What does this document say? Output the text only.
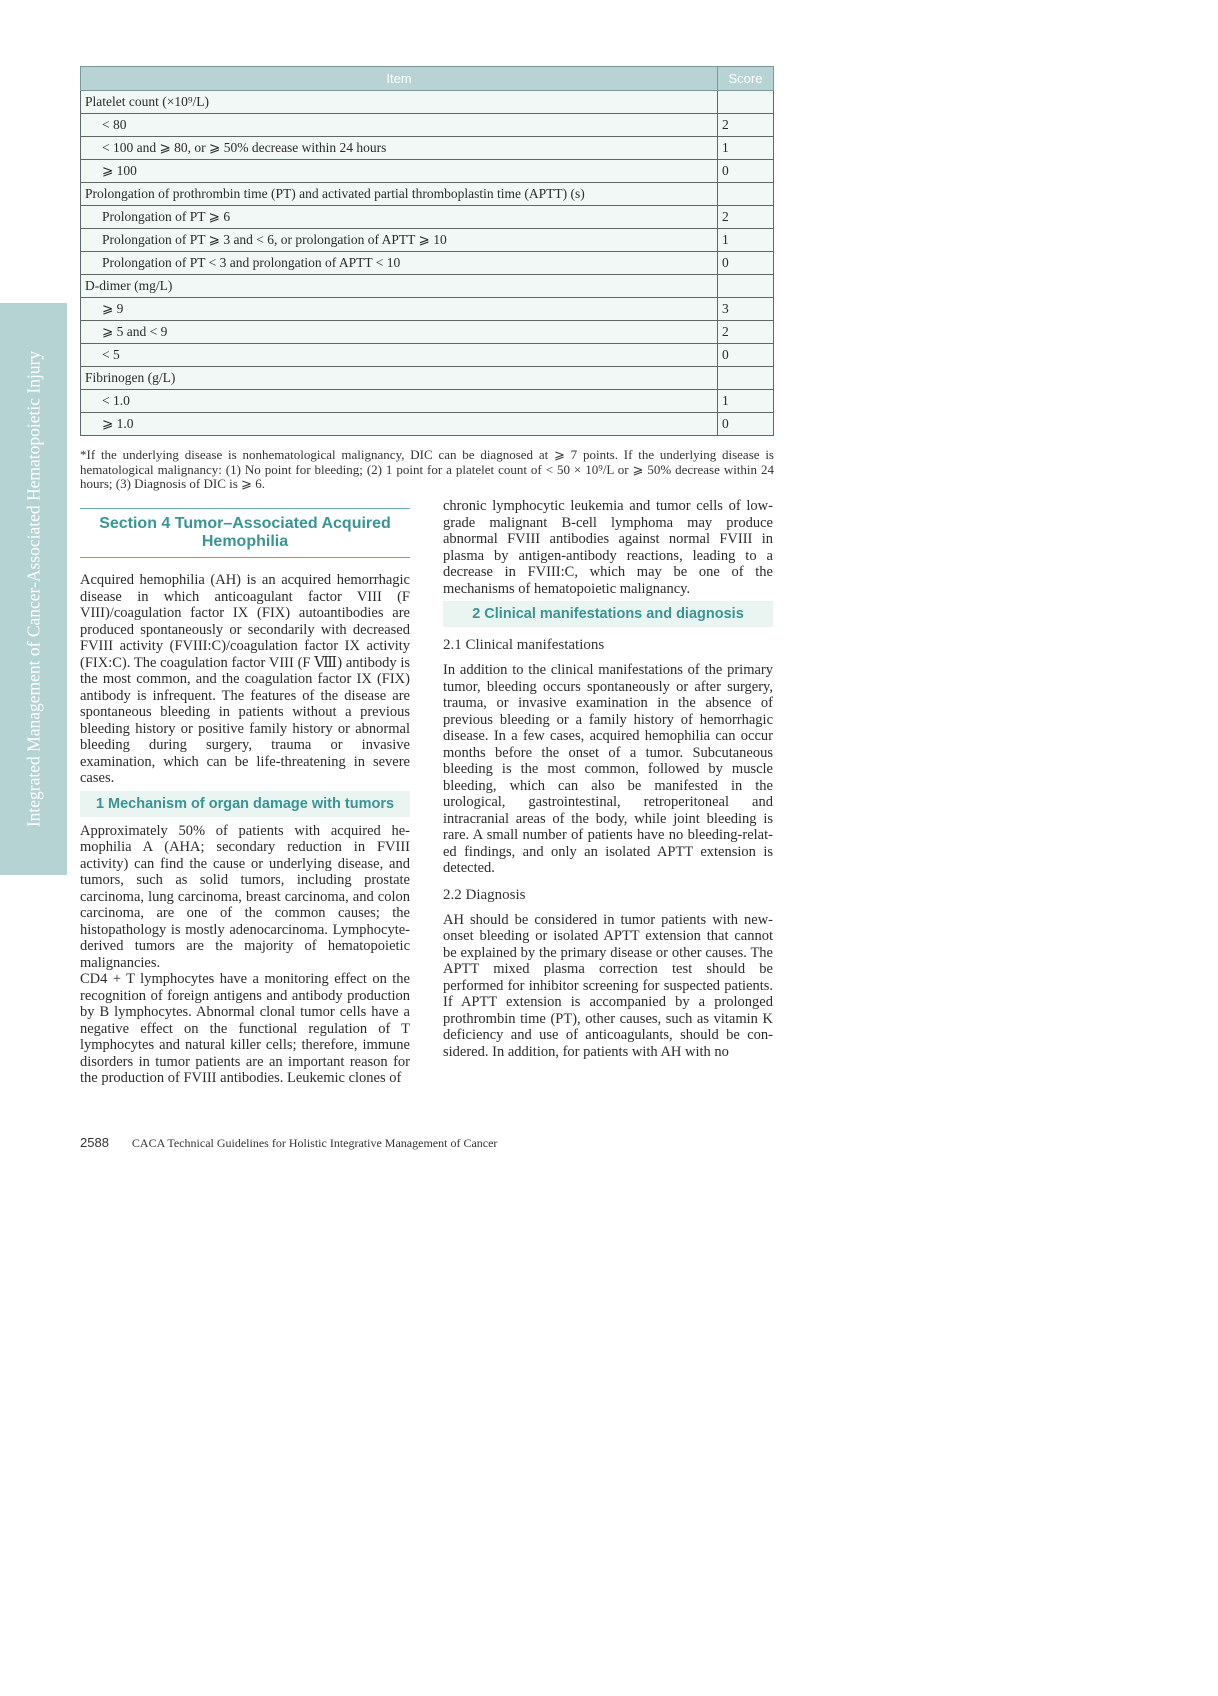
Integrated Management of Cancer-Associated Hematopoietic Injury
Item	Score
Platelet count (×10⁹/L)	
< 80	2
< 100 and ⩾ 80, or ⩾ 50% decrease within 24 hours	1
⩾ 100	0
Prolongation of prothrombin time (PT) and activated partial thromboplastin time (APTT) (s)	
Prolongation of PT ⩾ 6	2
Prolongation of PT ⩾ 3 and < 6, or prolongation of APTT ⩾ 10	1
Prolongation of PT < 3 and prolongation of APTT < 10	0
D-dimer (mg/L)	
⩾ 9	3
⩾ 5 and < 9	2
< 5	0
Fibrinogen (g/L)	
< 1.0	1
⩾ 1.0	0
*If the underlying disease is nonhematological malignancy, DIC can be diagnosed at ⩾ 7 points. If the underlying disease is hematological malignancy: (1) No point for bleeding; (2) 1 point for a platelet count of < 50 × 10⁹/L or ⩾ 50% decrease within 24 hours; (3) Diagnosis of DIC is ⩾ 6.
Section 4 Tumor–Associated Acquired Hemophilia

Acquired hemophilia (AH) is an acquired hemorrhagic disease in which anticoagulant factor VIII (F VIII)/coagulation factor IX (FIX) autoantibodies are produced spontaneously or secondarily with decreased FVIII activity (FVIII:C)/coagulation factor IX activity (FIX:C). The coagulation factor VIII (F Ⅷ) antibody is the most common, and the coagulation factor IX (FIX) antibody is infrequent. The features of the disease are spontaneous bleeding in patients without a previous bleeding history or positive family history or abnormal bleeding during surgery, trauma or invasive examination, which can be life-threatening in severe cases.

1 Mechanism of organ damage with tumors

Approximately 50% of patients with acquired hemophilia A (AHA; secondary reduction in FVIII activity) can find the cause or underlying disease, and tumors, such as solid tumors, including prostate carcinoma, lung carcinoma, breast carcinoma, and colon carcinoma, are one of the common causes; the histopathology is mostly adenocarcinoma. Lymphocyte-derived tumors are the majority of hematopoietic malignancies.

CD4 + T lymphocytes have a monitoring effect on the recognition of foreign antigens and antibody production by B lymphocytes. Abnormal clonal tumor cells have a negative effect on the functional regulation of T lymphocytes and natural killer cells; therefore, immune disorders in tumor patients are an important reason for the production of FVIII antibodies. Leukemic clones of

chronic lymphocytic leukemia and tumor cells of low-grade malignant B-cell lymphoma may produce abnormal FVIII antibodies against normal FVIII in plasma by antigen-antibody reactions, leading to a decrease in FVIII:C, which may be one of the mechanisms of hematopoietic malignancy.

2 Clinical manifestations and diagnosis
2.1 Clinical manifestations

In addition to the clinical manifestations of the primary tumor, bleeding occurs spontaneously or after surgery, trauma, or invasive examination in the absence of previous bleeding or a family history of hemorrhagic disease. In a few cases, acquired hemophilia can occur months before the onset of a tumor. Subcutaneous bleeding is the most common, followed by muscle bleeding, which can also be manifested in the urological, gastrointestinal, retroperitoneal and intracranial areas of the body, while joint bleeding is rare. A small number of patients have no bleeding-related findings, and only an isolated APTT extension is detected.

2.2 Diagnosis

AH should be considered in tumor patients with new-onset bleeding or isolated APTT extension that cannot be explained by the primary disease or other causes. The APTT mixed plasma correction test should be performed for inhibitor screening for suspected patients. If APTT extension is accompanied by a prolonged prothrombin time (PT), other causes, such as vitamin K deficiency and use of anticoagulants, should be considered. In addition, for patients with AH with no

2588 CACA Technical Guidelines for Holistic Integrative Management of Cancer
